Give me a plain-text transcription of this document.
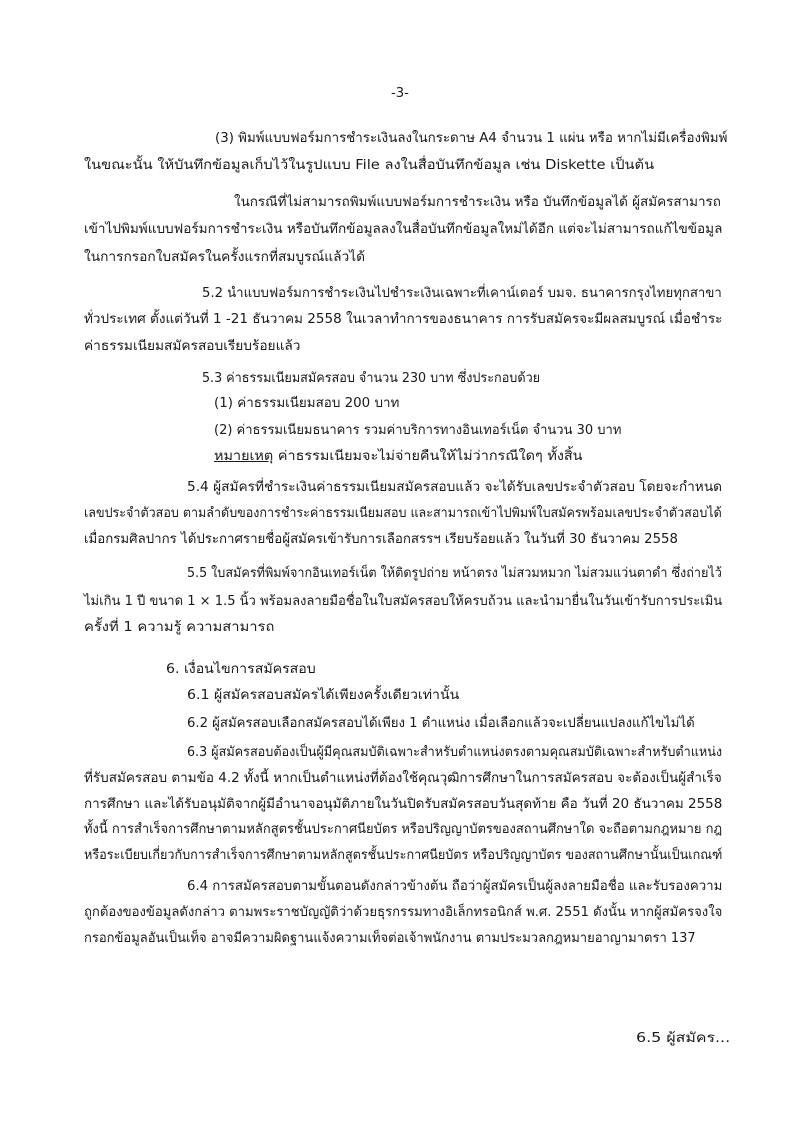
-3-
(3) พิมพ์แบบฟอร์มการชำระเงินลงในกระดาษ A4 จำนวน 1 แผ่น หรือ หากไม่มีเครื่องพิมพ์
ในขณะนั้น ให้บันทึกข้อมูลเก็บไว้ในรูปแบบ File ลงในสื่อบันทึกข้อมูล เช่น Diskette เป็นต้น
ในกรณีที่ไม่สามารถพิมพ์แบบฟอร์มการชำระเงิน หรือ บันทึกข้อมูลได้ ผู้สมัครสามารถ
เข้าไปพิมพ์แบบฟอร์มการชำระเงิน หรือบันทึกข้อมูลลงในสื่อบันทึกข้อมูลใหม่ได้อีก แต่จะไม่สามารถแก้ไขข้อมูล
ในการกรอกใบสมัครในครั้งแรกที่สมบูรณ์แล้วได้
5.2 นำแบบฟอร์มการชำระเงินไปชำระเงินเฉพาะที่เคาน์เตอร์ บมจ. ธนาคารกรุงไทยทุกสาขา
ทั่วประเทศ ตั้งแต่วันที่ 1 -21 ธันวาคม 2558 ในเวลาทำการของธนาคาร การรับสมัครจะมีผลสมบูรณ์ เมื่อชำระ
ค่าธรรมเนียมสมัครสอบเรียบร้อยแล้ว
5.3 ค่าธรรมเนียมสมัครสอบ จำนวน 230 บาท ซึ่งประกอบด้วย
(1) ค่าธรรมเนียมสอบ 200 บาท
(2) ค่าธรรมเนียมธนาคาร รวมค่าบริการทางอินเทอร์เน็ต จำนวน 30 บาท
หมายเหตุ ค่าธรรมเนียมจะไม่จ่ายคืนให้ไม่ว่ากรณีใดๆ ทั้งสิ้น
5.4 ผู้สมัครที่ชำระเงินค่าธรรมเนียมสมัครสอบแล้ว จะได้รับเลขประจำตัวสอบ โดยจะกำหนด
เลขประจำตัวสอบ ตามลำดับของการชำระค่าธรรมเนียมสอบ และสามารถเข้าไปพิมพ์ใบสมัครพร้อมเลขประจำตัวสอบได้
เมื่อกรมศิลปากร ได้ประกาศรายชื่อผู้สมัครเข้ารับการเลือกสรรฯ เรียบร้อยแล้ว ในวันที่ 30 ธันวาคม 2558
5.5 ใบสมัครที่พิมพ์จากอินเทอร์เน็ต ให้ติดรูปถ่าย หน้าตรง ไม่สวมหมวก ไม่สวมแว่นตาดำ ซึ่งถ่ายไว้
ไม่เกิน 1 ปี ขนาด 1 × 1.5 นิ้ว พร้อมลงลายมือชื่อในใบสมัครสอบให้ครบถ้วน และนำมายื่นในวันเข้ารับการประเมิน
ครั้งที่ 1 ความรู้ ความสามารถ
6. เงื่อนไขการสมัครสอบ
6.1 ผู้สมัครสอบสมัครได้เพียงครั้งเดียวเท่านั้น
6.2 ผู้สมัครสอบเลือกสมัครสอบได้เพียง 1 ตำแหน่ง เมื่อเลือกแล้วจะเปลี่ยนแปลงแก้ไขไม่ได้
6.3 ผู้สมัครสอบต้องเป็นผู้มีคุณสมบัติเฉพาะสำหรับตำแหน่งตรงตามคุณสมบัติเฉพาะสำหรับตำแหน่ง
ที่รับสมัครสอบ ตามข้อ 4.2 ทั้งนี้ หากเป็นตำแหน่งที่ต้องใช้คุณวุฒิการศึกษาในการสมัครสอบ จะต้องเป็นผู้สำเร็จ
การศึกษา และได้รับอนุมัติจากผู้มีอำนาจอนุมัติภายในวันปิดรับสมัครสอบวันสุดท้าย คือ วันที่ 20 ธันวาคม 2558
ทั้งนี้ การสำเร็จการศึกษาตามหลักสูตรชั้นประกาศนียบัตร หรือปริญญาบัตรของสถานศึกษาใด จะถือตามกฎหมาย กฎ
หรือระเบียบเกี่ยวกับการสำเร็จการศึกษาตามหลักสูตรชั้นประกาศนียบัตร หรือปริญญาบัตร ของสถานศึกษานั้นเป็นเกณฑ์
6.4 การสมัครสอบตามขั้นตอนดังกล่าวข้างต้น ถือว่าผู้สมัครเป็นผู้ลงลายมือชื่อ และรับรองความ
ถูกต้องของข้อมูลดังกล่าว ตามพระราชบัญญัติว่าด้วยธุรกรรมทางอิเล็กทรอนิกส์ พ.ศ. 2551 ดังนั้น หากผู้สมัครจงใจ
กรอกข้อมูลอันเป็นเท็จ อาจมีความผิดฐานแจ้งความเท็จต่อเจ้าพนักงาน ตามประมวลกฎหมายอาญามาตรา 137
6.5 ผู้สมัคร...
